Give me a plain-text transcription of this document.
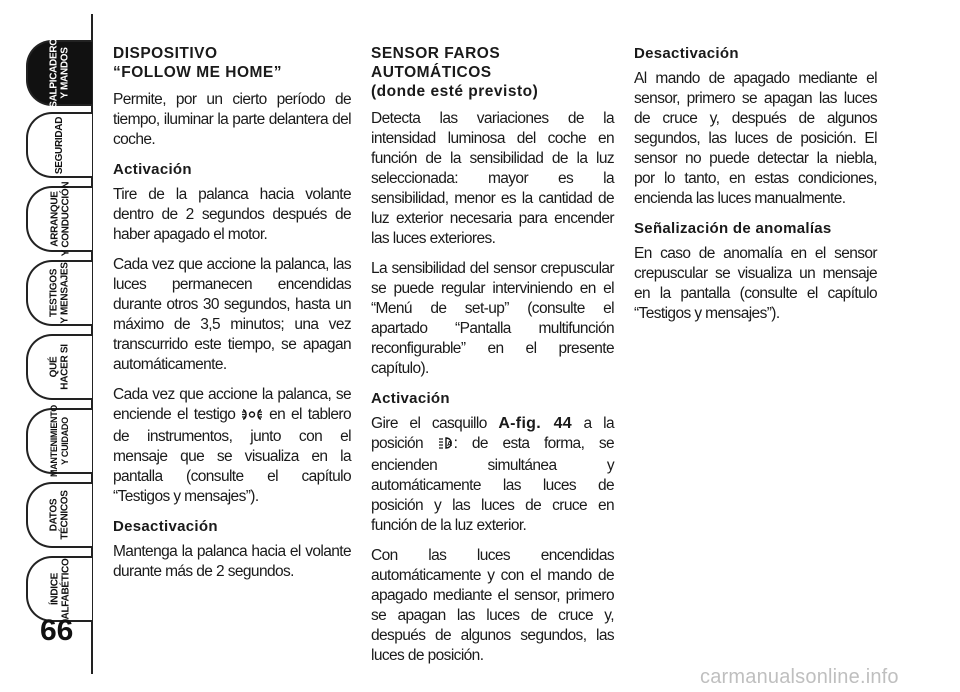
SALPICADERO
Y MANDOS
SEGURIDAD
ARRANQUE
Y CONDUCCIÓN
TESTIGOS
Y MENSAJES
QUÉ
HACER SI
MANTENIMIENTO
Y CUIDADO
DATOS
TÉCNICOS
ÍNDICE
ALFABÉTICO
66
DISPOSITIVO
“FOLLOW ME HOME”

Permite, por un cierto período de tiempo, iluminar la parte delantera del coche.

Activación

Tire de la palanca hacia volante dentro de 2 segundos después de haber apagado el motor.

Cada vez que accione la palanca, las luces permanecen encendidas durante otros 30 segundos, hasta un máximo de 3,5 minutos; una vez transcurrido este tiempo, se apagan automáticamente.

Cada vez que accione la palanca, se enciende el testigo  en el tablero de instrumentos, junto con el mensaje que se visualiza en la pantalla (consulte el capítulo “Testigos y mensajes”).

Desactivación

Mantenga la palanca hacia el volante durante más de 2 segundos.

SENSOR FAROS
AUTOMÁTICOS
(donde esté previsto)

Detecta las variaciones de la intensidad luminosa del coche en función de la sensibilidad de la luz seleccionada: mayor es la sensibilidad, menor es la cantidad de luz exterior necesaria para encender las luces exteriores.

La sensibilidad del sensor crepuscular se puede regular interviniendo en el “Menú de set-up” (consulte el apartado “Pantalla multifunción reconfigurable” en el presente capítulo).

Activación

Gire el casquillo A-fig. 44 a la posición A : de esta forma, se encienden simultánea y automáticamente las luces de posición y las luces de cruce en función de la luz exterior.

Con las luces encendidas automáticamente y con el mando de apagado mediante el sensor, primero se apagan las luces de cruce y, después de algunos segundos, las luces de posición.

Desactivación

Al mando de apagado mediante el sensor, primero se apagan las luces de cruce y, después de algunos segundos, las luces de posición. El sensor no puede detectar la niebla, por lo tanto, en estas condiciones, encienda las luces manualmente.

Señalización de anomalías

En caso de anomalía en el sensor crepuscular se visualiza un mensaje en la pantalla (consulte el capítulo “Testigos y mensajes”).

carmanualsonline.info
